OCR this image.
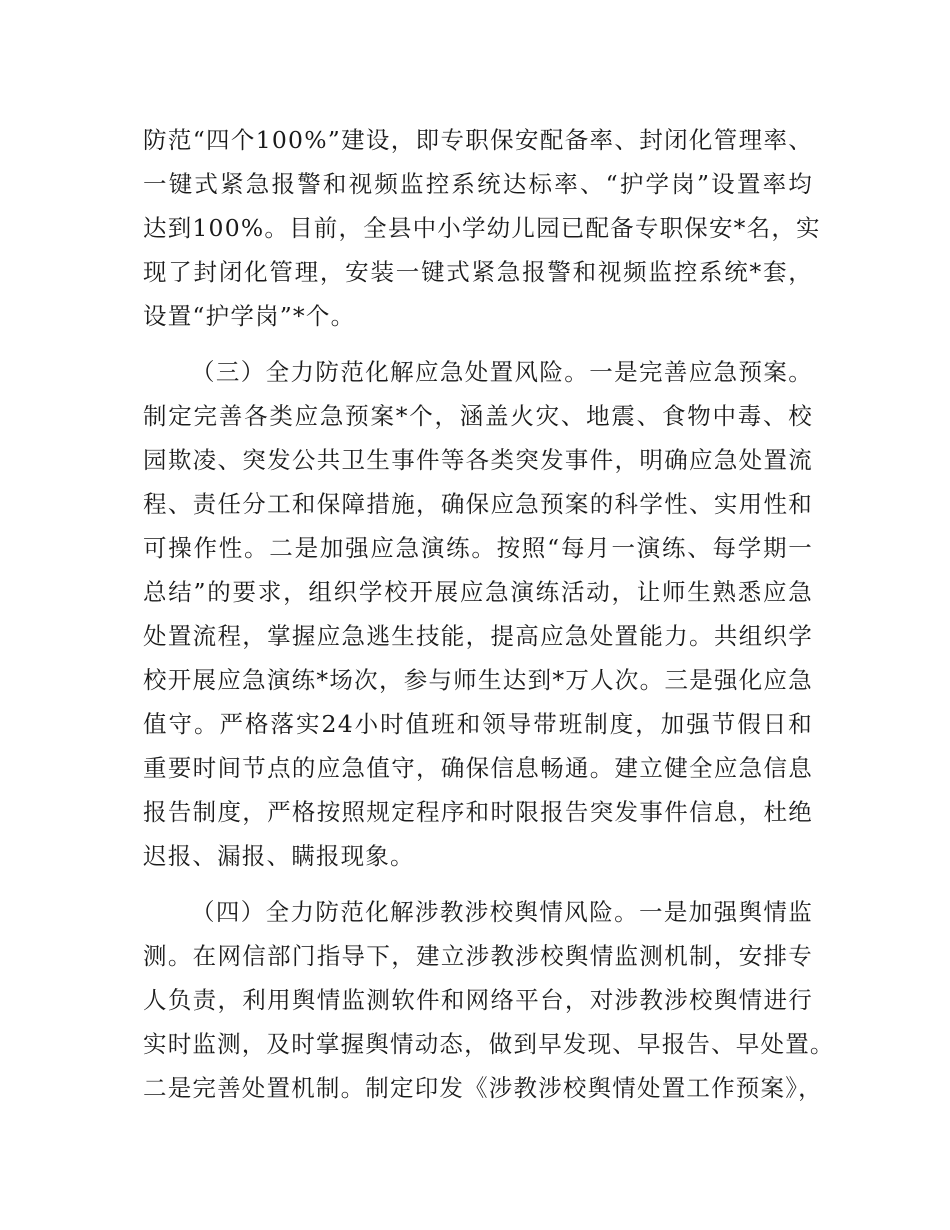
防范“四个100%”建设，即专职保安配备率、封闭化管理率、
一键式紧急报警和视频监控系统达标率、“护学岗”设置率均
达到100%。目前，全县中小学幼儿园已配备专职保安*名，实
现了封闭化管理，安装一键式紧急报警和视频监控系统*套，
设置“护学岗”*个。

（三）全力防范化解应急处置风险。一是完善应急预案。
制定完善各类应急预案*个，涵盖火灾、地震、食物中毒、校
园欺凌、突发公共卫生事件等各类突发事件，明确应急处置流
程、责任分工和保障措施，确保应急预案的科学性、实用性和
可操作性。二是加强应急演练。按照“每月一演练、每学期一
总结”的要求，组织学校开展应急演练活动，让师生熟悉应急
处置流程，掌握应急逃生技能，提高应急处置能力。共组织学
校开展应急演练*场次，参与师生达到*万人次。三是强化应急
值守。严格落实24小时值班和领导带班制度，加强节假日和
重要时间节点的应急值守，确保信息畅通。建立健全应急信息
报告制度，严格按照规定程序和时限报告突发事件信息，杜绝
迟报、漏报、瞒报现象。

（四）全力防范化解涉教涉校舆情风险。一是加强舆情监
测。在网信部门指导下，建立涉教涉校舆情监测机制，安排专
人负责，利用舆情监测软件和网络平台，对涉教涉校舆情进行
实时监测，及时掌握舆情动态，做到早发现、早报告、早处置。
二是完善处置机制。制定印发《涉教涉校舆情处置工作预案》，
